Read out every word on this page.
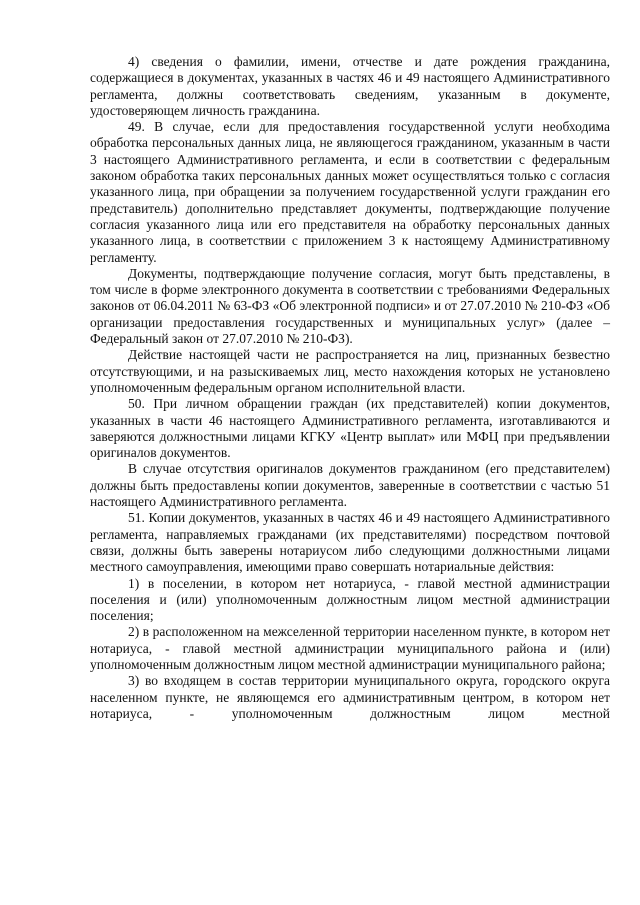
4) сведения о фамилии, имени, отчестве и дате рождения гражданина, содержащиеся в документах, указанных в частях 46 и 49 настоящего Административного регламента, должны соответствовать сведениям, указанным в документе, удостоверяющем личность гражданина.

49. В случае, если для предоставления государственной услуги необходима обработка персональных данных лица, не являющегося гражданином, указанным в части 3 настоящего Административного регламента, и если в соответствии с федеральным законом обработка таких персональных данных может осуществляться только с согласия указанного лица, при обращении за получением государственной услуги гражданин его представитель) дополнительно представляет документы, подтверждающие получение согласия указанного лица или его представителя на обработку персональных данных указанного лица, в соответствии с приложением 3 к настоящему Административному регламенту.

Документы, подтверждающие получение согласия, могут быть представлены, в том числе в форме электронного документа в соответствии с требованиями Федеральных законов от 06.04.2011 № 63-ФЗ «Об электронной подписи» и от 27.07.2010 № 210-ФЗ «Об организации предоставления государственных и муниципальных услуг» (далее – Федеральный закон от 27.07.2010 № 210-ФЗ).

Действие настоящей части не распространяется на лиц, признанных безвестно отсутствующими, и на разыскиваемых лиц, место нахождения которых не установлено уполномоченным федеральным органом исполнительной власти.

50. При личном обращении граждан (их представителей) копии документов, указанных в части 46 настоящего Административного регламента, изготавливаются и заверяются должностными лицами КГКУ «Центр выплат» или МФЦ при предъявлении оригиналов документов.

В случае отсутствия оригиналов документов гражданином (его представителем) должны быть предоставлены копии документов, заверенные в соответствии с частью 51 настоящего Административного регламента.

51. Копии документов, указанных в частях 46 и 49 настоящего Административного регламента, направляемых гражданами (их представителями) посредством почтовой связи, должны быть заверены нотариусом либо следующими должностными лицами местного самоуправления, имеющими право совершать нотариальные действия:

1) в поселении, в котором нет нотариуса, - главой местной администрации поселения и (или) уполномоченным должностным лицом местной администрации поселения;

2) в расположенном на межселенной территории населенном пункте, в котором нет нотариуса, - главой местной администрации муниципального района и (или) уполномоченным должностным лицом местной администрации муниципального района;

3) во входящем в состав территории муниципального округа, городского округа населенном пункте, не являющемся его административным центром, в котором нет нотариуса, - уполномоченным должностным лицом местной
